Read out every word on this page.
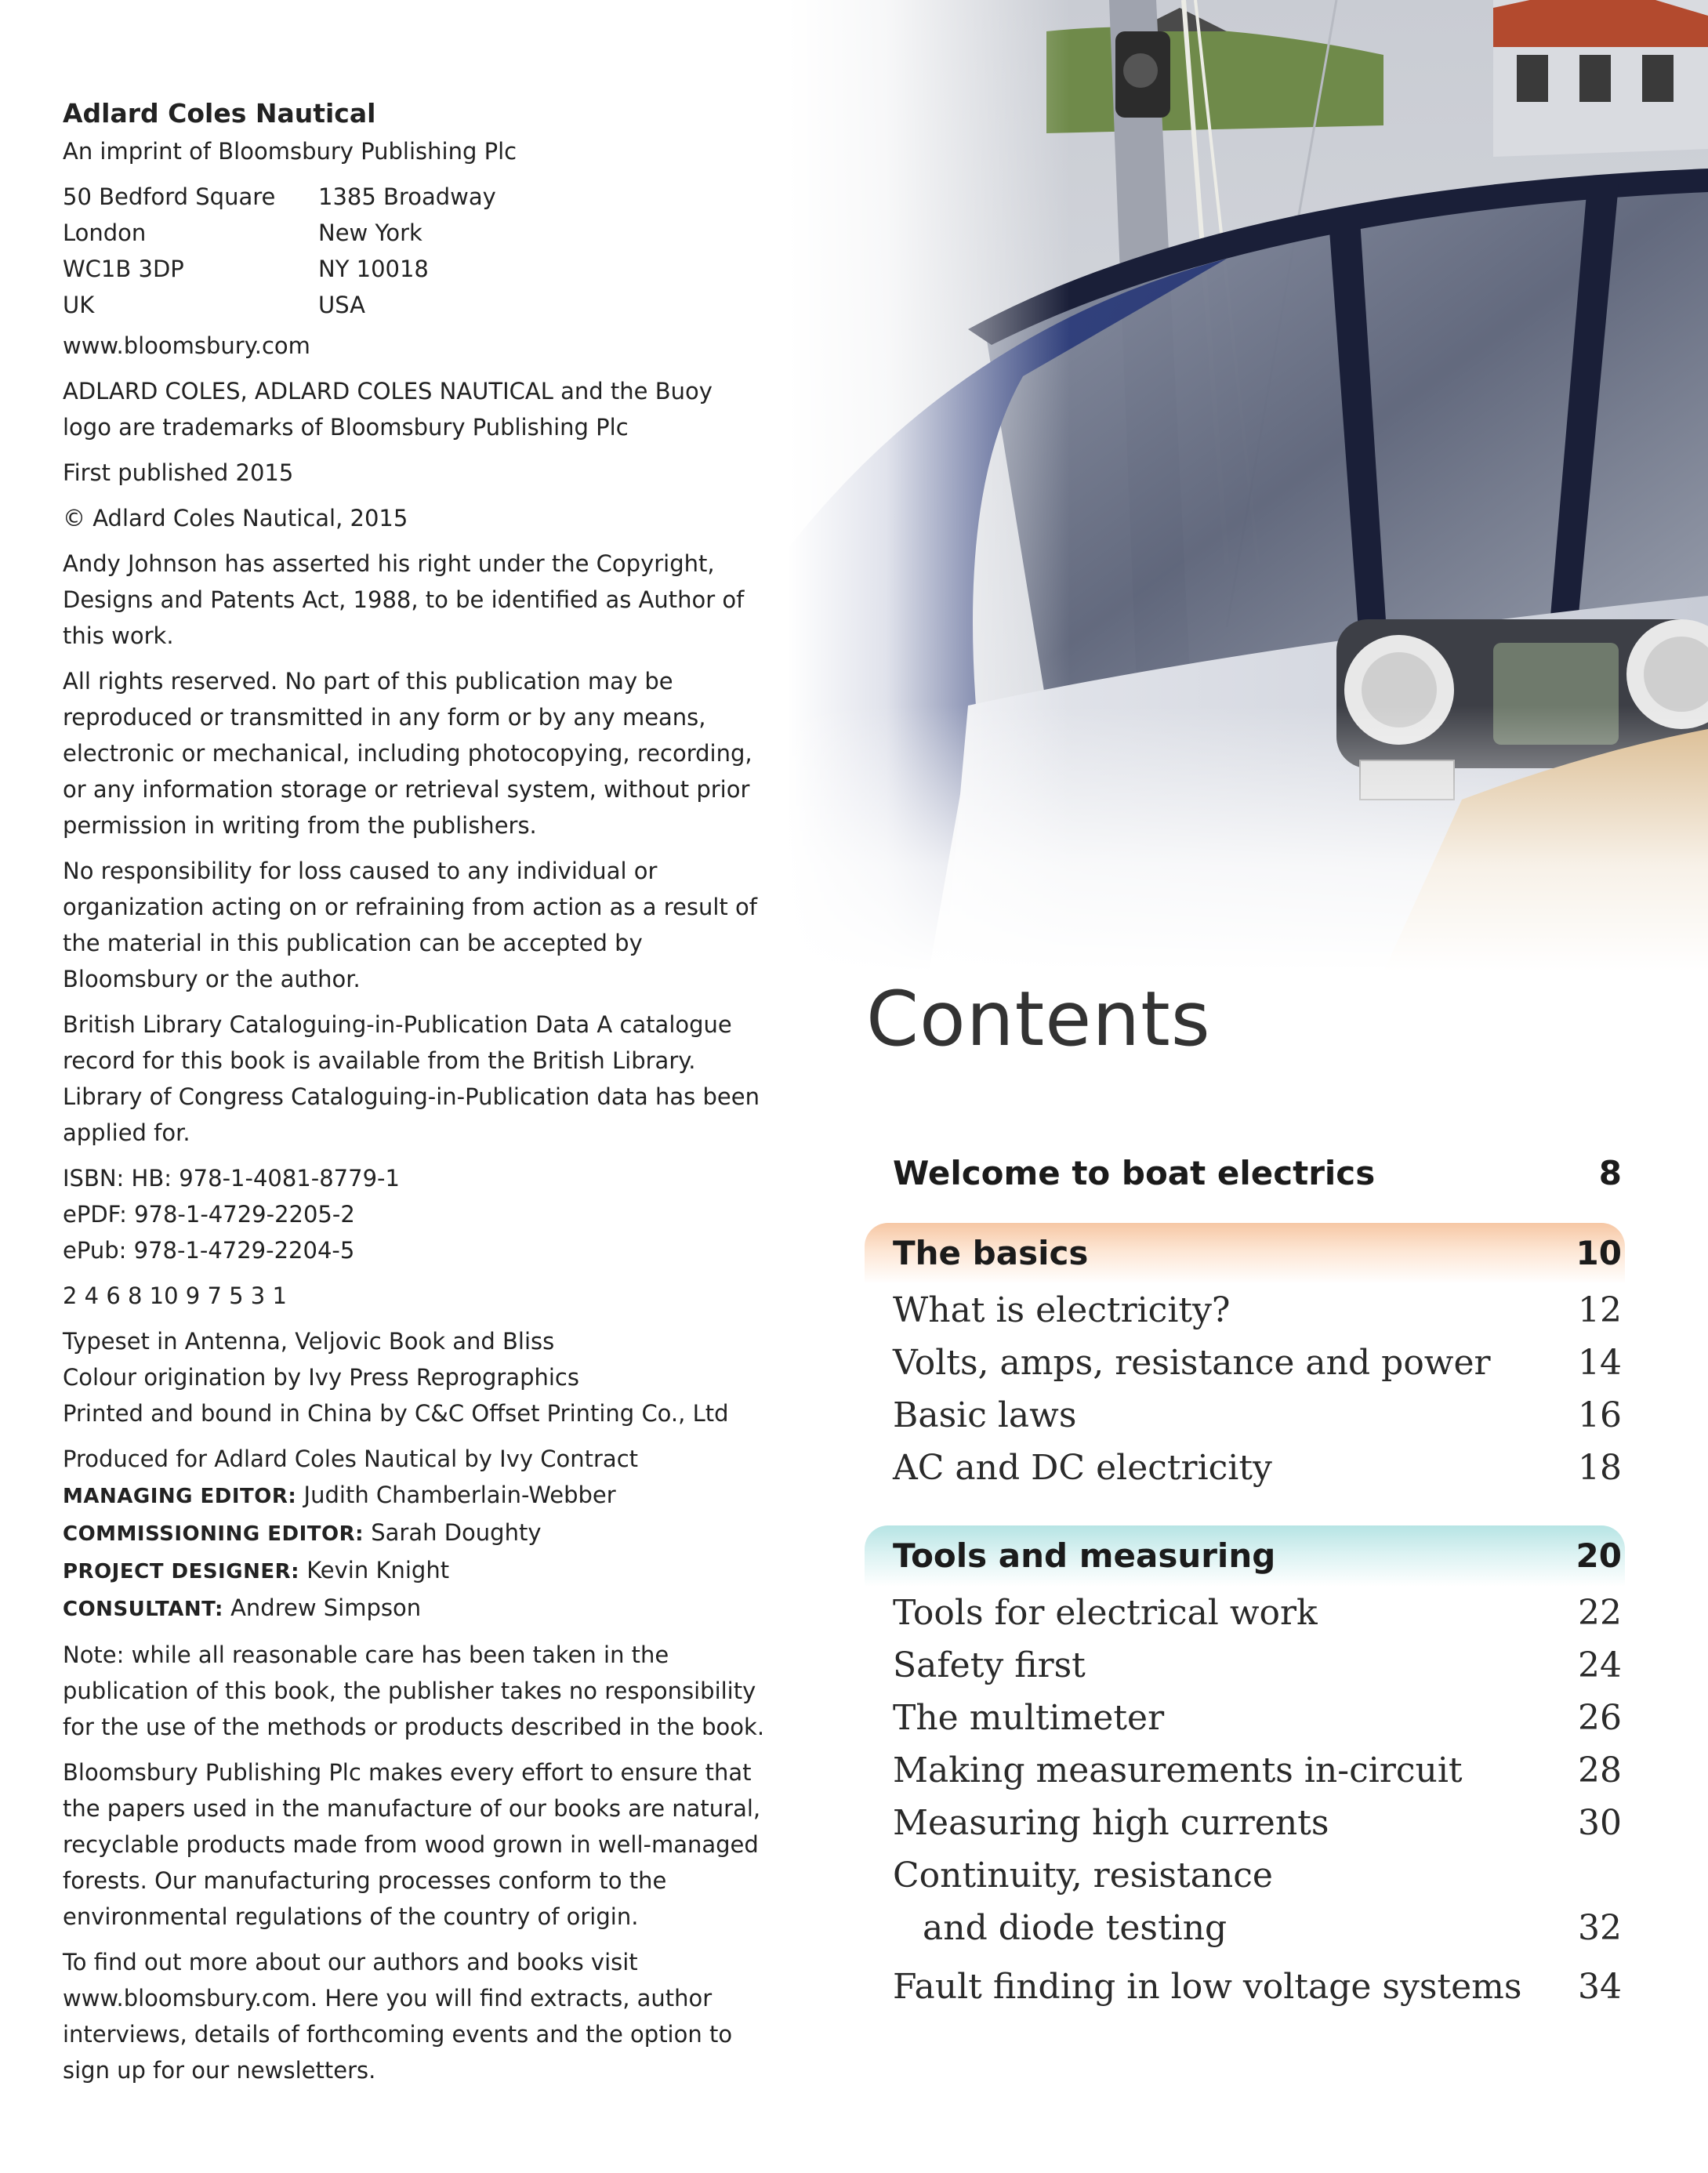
Adlard Coles Nautical

An imprint of Bloomsbury Publishing Plc

50 Bedford Square
London
WC1B 3DP
UK
1385 Broadway
New York
NY 10018
USA

www.bloomsbury.com

ADLARD COLES, ADLARD COLES NAUTICAL and the Buoy logo are trademarks of Bloomsbury Publishing Plc

First published 2015

© Adlard Coles Nautical, 2015

Andy Johnson has asserted his right under the Copyright, Designs and Patents Act, 1988, to be identified as Author of this work.

All rights reserved. No part of this publication may be reproduced or transmitted in any form or by any means, electronic or mechanical, including photocopying, recording, or any information storage or retrieval system, without prior permission in writing from the publishers.

No responsibility for loss caused to any individual or organization acting on or refraining from action as a result of the material in this publication can be accepted by Bloomsbury or the author.

British Library Cataloguing-in-Publication Data A catalogue record for this book is available from the British Library. Library of Congress Cataloguing-in-Publication data has been applied for.

ISBN: HB: 978-1-4081-8779-1
ePDF: 978-1-4729-2205-2
ePub: 978-1-4729-2204-5

2 4 6 8 10 9 7 5 3 1

Typeset in Antenna, Veljovic Book and Bliss
Colour origination by Ivy Press Reprographics
Printed and bound in China by C&C Offset Printing Co., Ltd
Produced for Adlard Coles Nautical by Ivy Contract
MANAGING EDITOR: Judith Chamberlain-Webber
COMMISSIONING EDITOR: Sarah Doughty
PROJECT DESIGNER: Kevin Knight
CONSULTANT: Andrew Simpson

Note: while all reasonable care has been taken in the publication of this book, the publisher takes no responsibility for the use of the methods or products described in the book.

Bloomsbury Publishing Plc makes every effort to ensure that the papers used in the manufacture of our books are natural, recyclable products made from wood grown in well-managed forests. Our manufacturing processes conform to the environmental regulations of the country of origin.

To find out more about our authors and books visit www.bloomsbury.com. Here you will find extracts, author interviews, details of forthcoming events and the option to sign up for our newsletters.

Contents
Welcome to boat electrics	8
The basics	10
What is electricity?	12
Volts, amps, resistance and power	14
Basic laws	16
AC and DC electricity	18
Tools and measuring	20
Tools for electrical work	22
Safety first	24
The multimeter	26
Making measurements in-circuit	28
Measuring high currents	30
Continuity, resistance
and diode testing	32
Fault finding in low voltage systems 34
